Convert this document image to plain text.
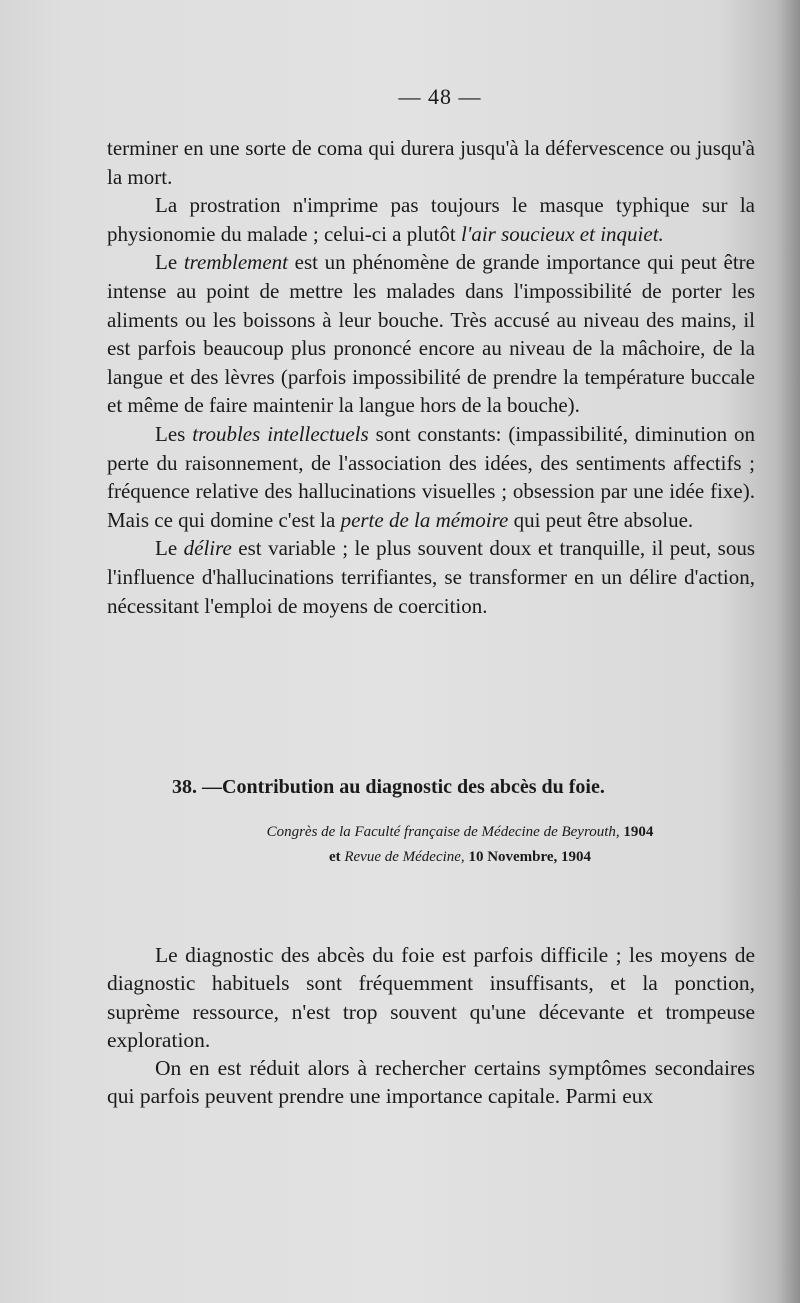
— 48 —

terminer en une sorte de coma qui durera jusqu'à la défervescence ou jusqu'à la mort.

La prostration n'imprime pas toujours le masque typhique sur la physionomie du malade ; celui-ci a plutôt l'air soucieux et inquiet.

Le tremblement est un phénomène de grande importance qui peut être intense au point de mettre les malades dans l'impossibilité de porter les aliments ou les boissons à leur bouche. Très accusé au niveau des mains, il est parfois beaucoup plus prononcé encore au niveau de la mâchoire, de la langue et des lèvres (parfois impossibilité de prendre la température buccale et même de faire maintenir la langue hors de la bouche).

Les troubles intellectuels sont constants: (impassibilité, diminution on perte du raisonnement, de l'association des idées, des sentiments affectifs ; fréquence relative des hallucinations visuelles ; obsession par une idée fixe). Mais ce qui domine c'est la perte de la mémoire qui peut être absolue.

Le délire est variable ; le plus souvent doux et tranquille, il peut, sous l'influence d'hallucinations terrifiantes, se transformer en un délire d'action, nécessitant l'emploi de moyens de coercition.

38. —Contribution au diagnostic des abcès du foie.
Congrès de la Faculté française de Médecine de Beyrouth, 1904
et Revue de Médecine, 10 Novembre, 1904

Le diagnostic des abcès du foie est parfois difficile ; les moyens de diagnostic habituels sont fréquemment insuffisants, et la ponction, suprème ressource, n'est trop souvent qu'une décevante et trompeuse exploration.

On en est réduit alors à rechercher certains symptômes secondaires qui parfois peuvent prendre une importance capitale. Parmi eux
